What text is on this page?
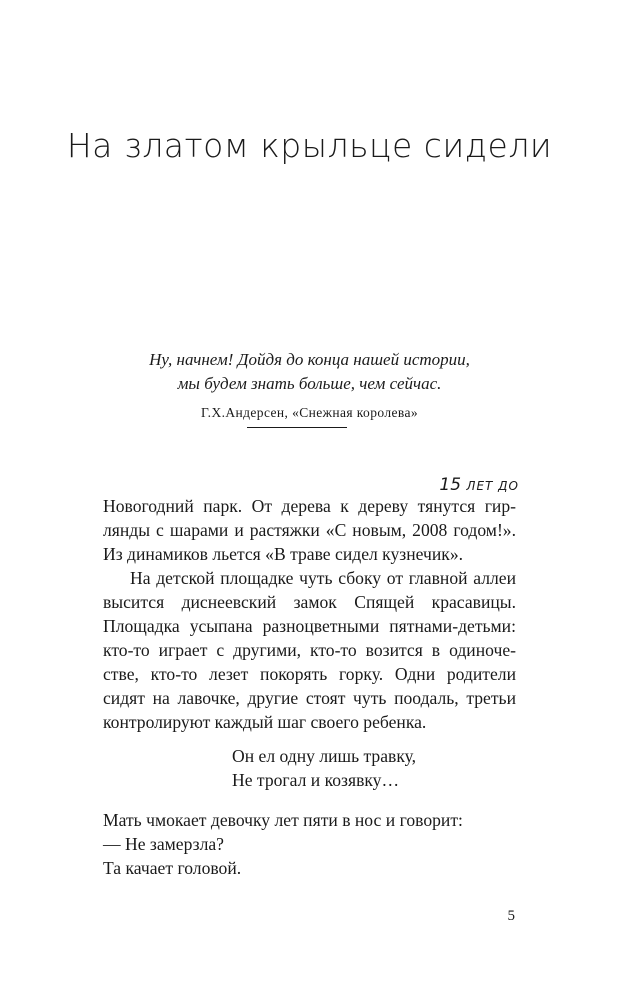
На златом крыльце сидели
Ну, начнем! Дойдя до конца нашей истории,
мы будем знать больше, чем сейчас.
Г.Х.Андерсен, «Снежная королева»
15 ЛЕТ ДО
Новогодний парк. От дерева к дереву тянутся гир-
лянды с шарами и растяжки «С новым, 2008 годом!».
Из динамиков льется «В траве сидел кузнечик».
На детской площадке чуть сбоку от главной аллеи
высится диснеевский замок Спящей красавицы.
Площадка усыпана разноцветными пятнами-детьми:
кто-то играет с другими, кто-то возится в одиноче-
стве, кто-то лезет покорять горку. Одни родители
сидят на лавочке, другие стоят чуть поодаль, третьи
контролируют каждый шаг своего ребенка.
Он ел одну лишь травку,
Не трогал и козявку…
Мать чмокает девочку лет пяти в нос и говорит:
— Не замерзла?
Та качает головой.
5
